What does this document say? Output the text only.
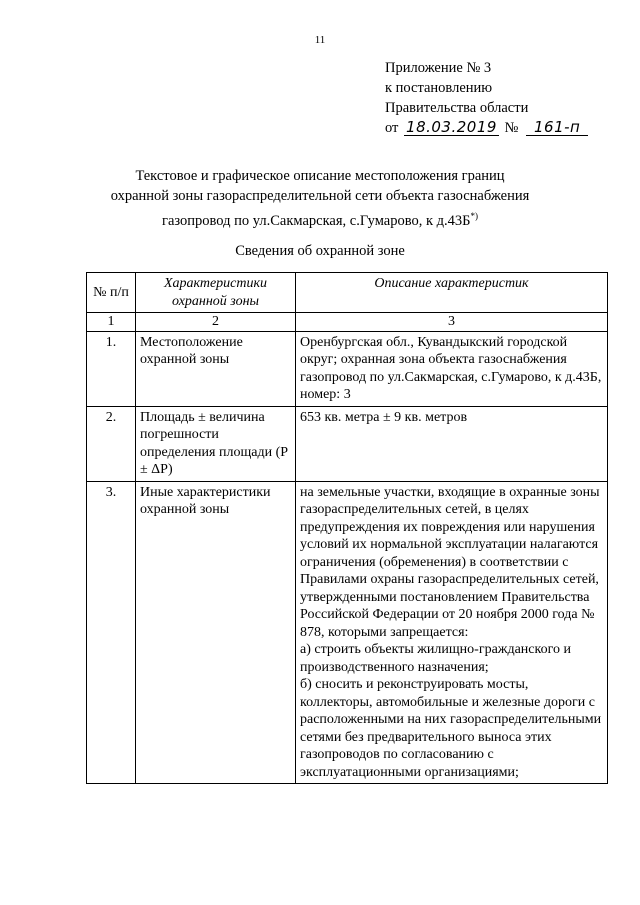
11
Приложение № 3
к постановлению
Правительства области
от 18.03.2019 № 161-п
Текстовое и графическое описание местоположения границ
охранной зоны газораспределительной сети объекта газоснабжения
газопровод по ул.Сакмарская, с.Гумарово, к д.43Б*)
Сведения об охранной зоне
№ п/п	Характеристики охранной зоны	Описание характеристик
1	2	3
1.	Местоположение охранной зоны	Оренбургская обл., Кувандыкский городской округ; охранная зона объекта газоснабжения газопровод по ул.Сакмарская, с.Гумарово, к д.43Б, номер: 3
2.	Площадь ± величина погрешности определения площади (P ± ΔP)	653 кв. метра ± 9 кв. метров
3.	Иные характеристики охранной зоны	на земельные участки, входящие в охранные зоны газораспределительных сетей, в целях предупреждения их повреждения или нарушения условий их нормальной эксплуатации налагаются ограничения (обременения) в соответствии с Правилами охраны газораспределительных сетей, утвержденными постановлением Правительства Российской Федерации от 20 ноября 2000 года № 878, которыми запрещается:
а) строить объекты жилищно-гражданского и производственного назначения;
б) сносить и реконструировать мосты, коллекторы, автомобильные и железные дороги с расположенными на них газораспределительными сетями без предварительного выноса этих газопроводов по согласованию с эксплуатационными организациями;
